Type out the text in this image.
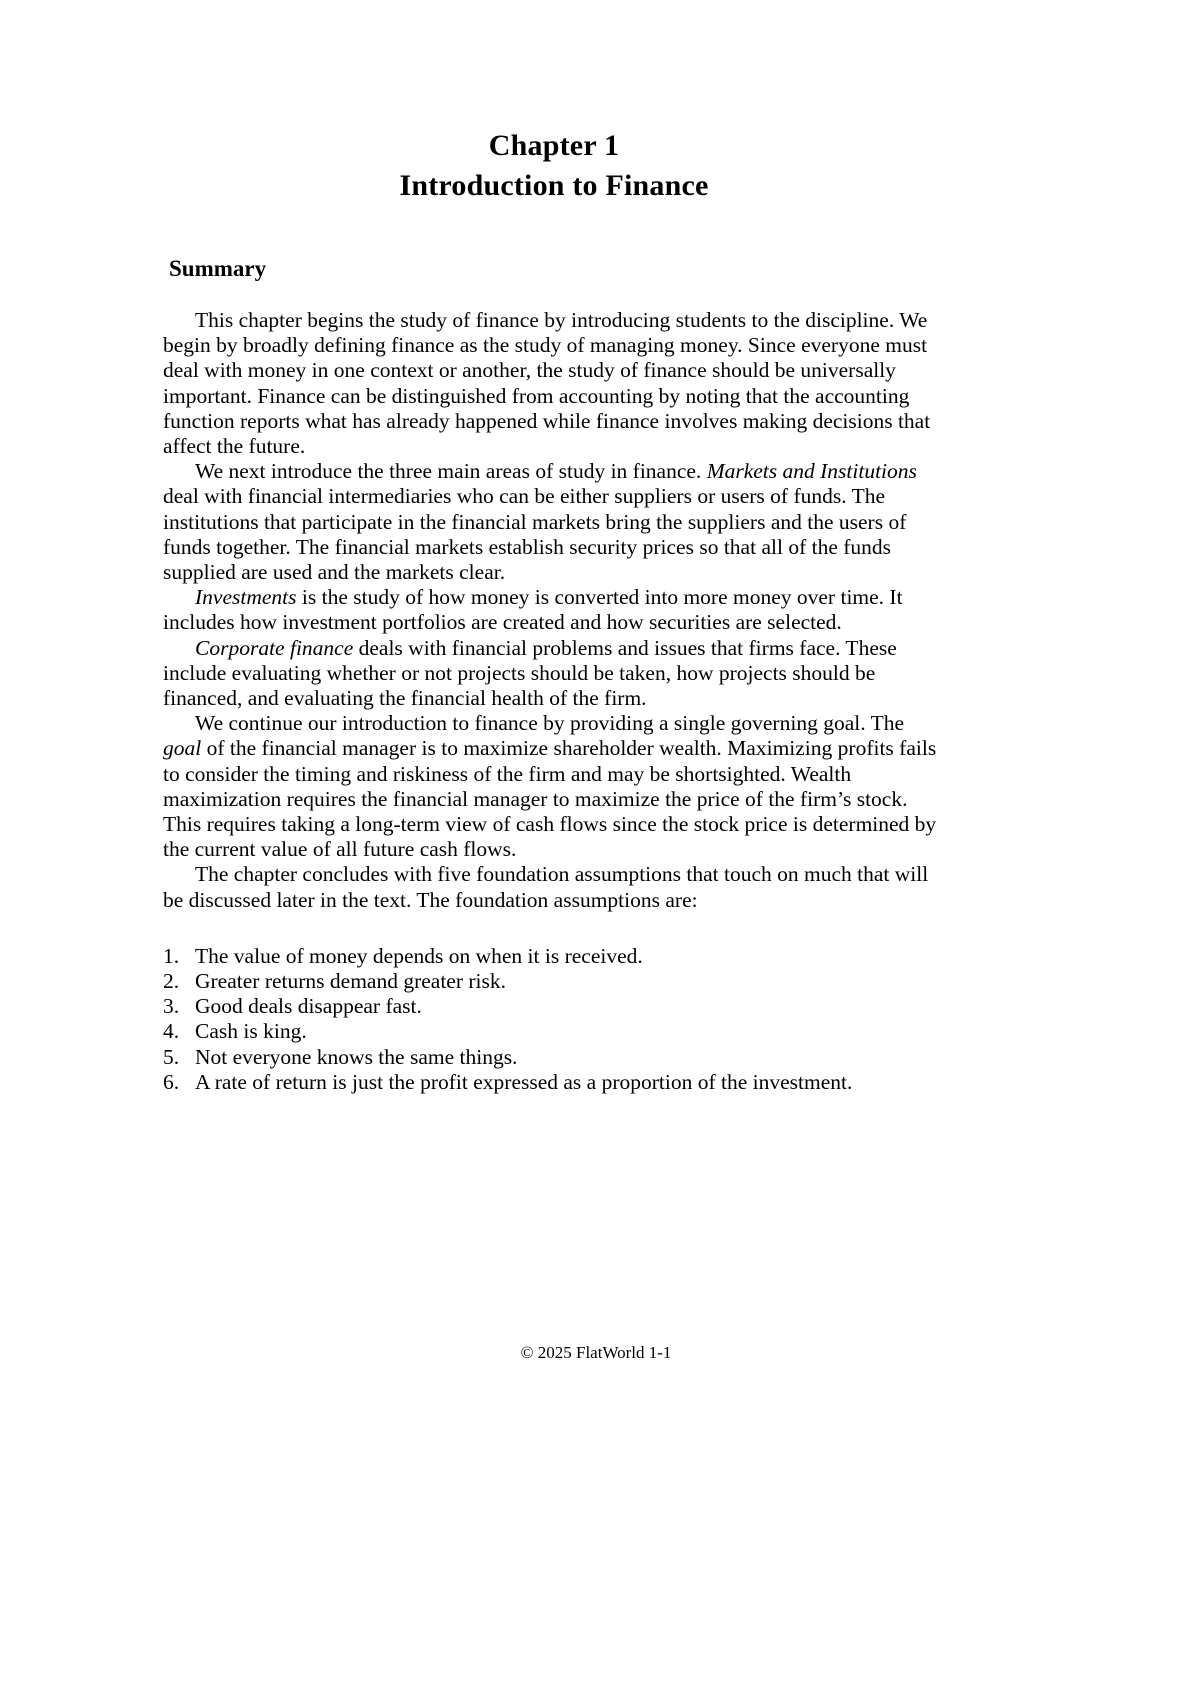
Chapter 1
Introduction to Finance
Summary

This chapter begins the study of finance by introducing students to the discipline. We begin by broadly defining finance as the study of managing money. Since everyone must deal with money in one context or another, the study of finance should be universally important. Finance can be distinguished from accounting by noting that the accounting function reports what has already happened while finance involves making decisions that affect the future.

We next introduce the three main areas of study in finance. Markets and Institutions deal with financial intermediaries who can be either suppliers or users of funds. The institutions that participate in the financial markets bring the suppliers and the users of funds together. The financial markets establish security prices so that all of the funds supplied are used and the markets clear.

Investments is the study of how money is converted into more money over time. It includes how investment portfolios are created and how securities are selected.

Corporate finance deals with financial problems and issues that firms face. These include evaluating whether or not projects should be taken, how projects should be financed, and evaluating the financial health of the firm.

We continue our introduction to finance by providing a single governing goal. The goal of the financial manager is to maximize shareholder wealth. Maximizing profits fails to consider the timing and riskiness of the firm and may be shortsighted. Wealth maximization requires the financial manager to maximize the price of the firm’s stock. This requires taking a long-term view of cash flows since the stock price is determined by the current value of all future cash flows.

The chapter concludes with five foundation assumptions that touch on much that will be discussed later in the text. The foundation assumptions are:

1. The value of money depends on when it is received.
2. Greater returns demand greater risk.
3. Good deals disappear fast.
4. Cash is king.
5. Not everyone knows the same things.
6. A rate of return is just the profit expressed as a proportion of the investment.
© 2025 FlatWorld 1-1
